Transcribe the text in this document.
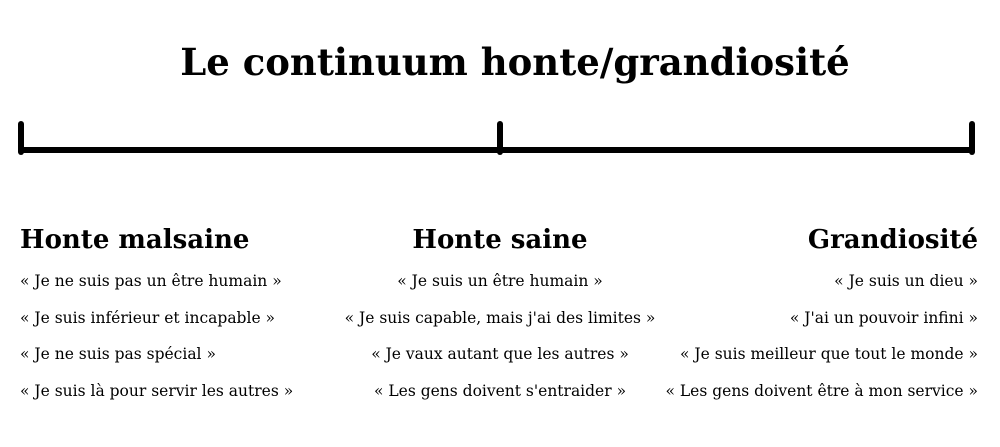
Le continuum honte/grandiosité
Honte malsaine
« Je ne suis pas un être humain »
« Je suis inférieur et incapable »
« Je ne suis pas spécial »
« Je suis là pour servir les autres »
Honte saine
« Je suis un être humain »
« Je suis capable, mais j'ai des limites »
« Je vaux autant que les autres »
« Les gens doivent s'entraider »
Grandiosité
« Je suis un dieu »
« J'ai un pouvoir infini »
« Je suis meilleur que tout le monde »
« Les gens doivent être à mon service »
